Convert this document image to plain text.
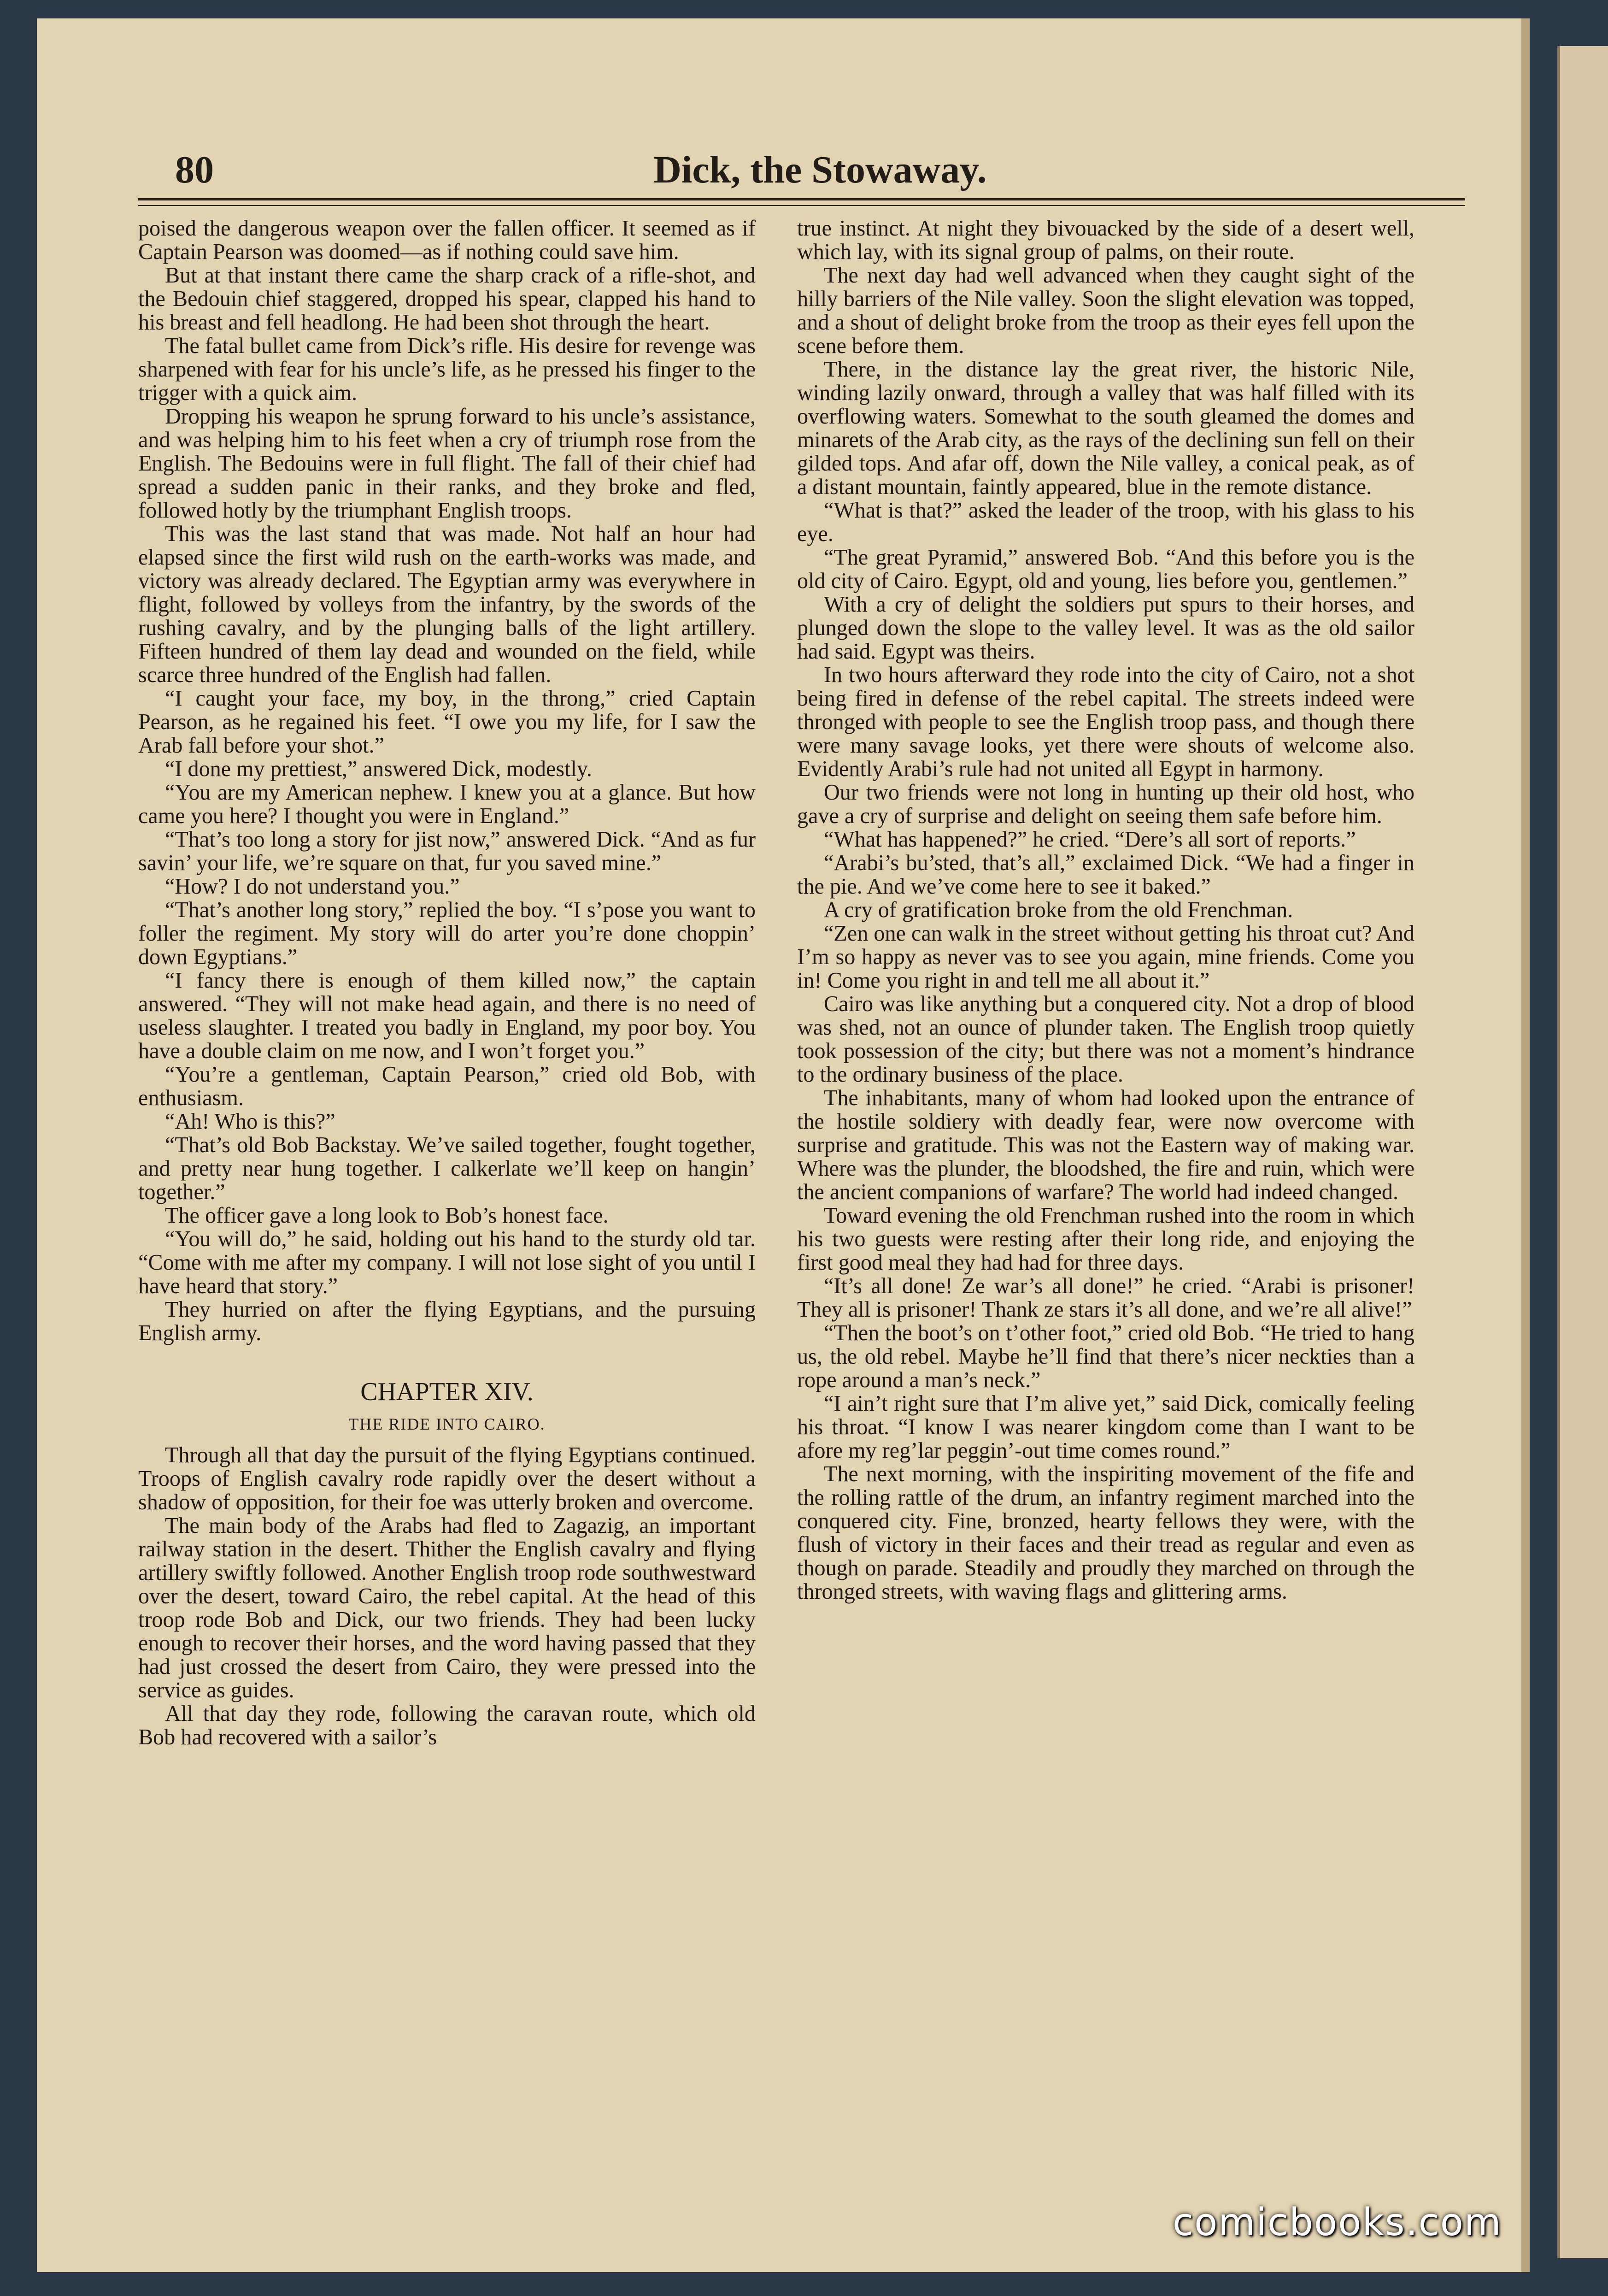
Dick, the Stowaway.
80

poised the dangerous weapon over the fallen officer. It seemed as if Captain Pearson was doomed—as if nothing could save him.

But at that instant there came the sharp crack of a rifle-shot, and the Bedouin chief staggered, dropped his spear, clapped his hand to his breast and fell headlong. He had been shot through the heart.

The fatal bullet came from Dick’s rifle. His desire for revenge was sharpened with fear for his uncle’s life, as he pressed his finger to the trigger with a quick aim.

Dropping his weapon he sprung forward to his uncle’s assistance, and was helping him to his feet when a cry of triumph rose from the English. The Bedouins were in full flight. The fall of their chief had spread a sudden panic in their ranks, and they broke and fled, followed hotly by the triumphant English troops.

This was the last stand that was made. Not half an hour had elapsed since the first wild rush on the earth-works was made, and victory was already declared. The Egyptian army was everywhere in flight, followed by volleys from the infantry, by the swords of the rushing cavalry, and by the plunging balls of the light artillery. Fifteen hundred of them lay dead and wounded on the field, while scarce three hundred of the English had fallen.

“I caught your face, my boy, in the throng,” cried Captain Pearson, as he regained his feet. “I owe you my life, for I saw the Arab fall before your shot.”

“I done my prettiest,” answered Dick, modestly.

“You are my American nephew. I knew you at a glance. But how came you here? I thought you were in England.”

“That’s too long a story for jist now,” answered Dick. “And as fur savin’ your life, we’re square on that, fur you saved mine.”

“How? I do not understand you.”

“That’s another long story,” replied the boy. “I s’pose you want to foller the regiment. My story will do arter you’re done choppin’ down Egyptians.”

“I fancy there is enough of them killed now,” the captain answered. “They will not make head again, and there is no need of useless slaughter. I treated you badly in England, my poor boy. You have a double claim on me now, and I won’t forget you.”

“You’re a gentleman, Captain Pearson,” cried old Bob, with enthusiasm.

“Ah! Who is this?”

“That’s old Bob Backstay. We’ve sailed together, fought together, and pretty near hung together. I calkerlate we’ll keep on hangin’ together.”

The officer gave a long look to Bob’s honest face.

“You will do,” he said, holding out his hand to the sturdy old tar. “Come with me after my company. I will not lose sight of you until I have heard that story.”

They hurried on after the flying Egyptians, and the pursuing English army.

CHAPTER XIV.
THE RIDE INTO CAIRO.

Through all that day the pursuit of the flying Egyptians continued. Troops of English cavalry rode rapidly over the desert without a shadow of opposition, for their foe was utterly broken and overcome.

The main body of the Arabs had fled to Zagazig, an important railway station in the desert. Thither the English cavalry and flying artillery swiftly followed. Another English troop rode southwestward over the desert, toward Cairo, the rebel capital. At the head of this troop rode Bob and Dick, our two friends. They had been lucky enough to recover their horses, and the word having passed that they had just crossed the desert from Cairo, they were pressed into the service as guides.

All that day they rode, following the caravan route, which old Bob had recovered with a sailor’s

true instinct. At night they bivouacked by the side of a desert well, which lay, with its signal group of palms, on their route.

The next day had well advanced when they caught sight of the hilly barriers of the Nile valley. Soon the slight elevation was topped, and a shout of delight broke from the troop as their eyes fell upon the scene before them.

There, in the distance lay the great river, the historic Nile, winding lazily onward, through a valley that was half filled with its overflowing waters. Somewhat to the south gleamed the domes and minarets of the Arab city, as the rays of the declining sun fell on their gilded tops. And afar off, down the Nile valley, a conical peak, as of a distant mountain, faintly appeared, blue in the remote distance.

“What is that?” asked the leader of the troop, with his glass to his eye.

“The great Pyramid,” answered Bob. “And this before you is the old city of Cairo. Egypt, old and young, lies before you, gentlemen.”

With a cry of delight the soldiers put spurs to their horses, and plunged down the slope to the valley level. It was as the old sailor had said. Egypt was theirs.

In two hours afterward they rode into the city of Cairo, not a shot being fired in defense of the rebel capital. The streets indeed were thronged with people to see the English troop pass, and though there were many savage looks, yet there were shouts of welcome also. Evidently Arabi’s rule had not united all Egypt in harmony.

Our two friends were not long in hunting up their old host, who gave a cry of surprise and delight on seeing them safe before him.

“What has happened?” he cried. “Dere’s all sort of reports.”

“Arabi’s bu’sted, that’s all,” exclaimed Dick. “We had a finger in the pie. And we’ve come here to see it baked.”

A cry of gratification broke from the old Frenchman.

“Zen one can walk in the street without getting his throat cut? And I’m so happy as never vas to see you again, mine friends. Come you in! Come you right in and tell me all about it.”

Cairo was like anything but a conquered city. Not a drop of blood was shed, not an ounce of plunder taken. The English troop quietly took possession of the city; but there was not a moment’s hindrance to the ordinary business of the place.

The inhabitants, many of whom had looked upon the entrance of the hostile soldiery with deadly fear, were now overcome with surprise and gratitude. This was not the Eastern way of making war. Where was the plunder, the bloodshed, the fire and ruin, which were the ancient companions of warfare? The world had indeed changed.

Toward evening the old Frenchman rushed into the room in which his two guests were resting after their long ride, and enjoying the first good meal they had had for three days.

“It’s all done! Ze war’s all done!” he cried. “Arabi is prisoner! They all is prisoner! Thank ze stars it’s all done, and we’re all alive!”

“Then the boot’s on t’other foot,” cried old Bob. “He tried to hang us, the old rebel. Maybe he’ll find that there’s nicer neckties than a rope around a man’s neck.”

“I ain’t right sure that I’m alive yet,” said Dick, comically feeling his throat. “I know I was nearer kingdom come than I want to be afore my reg’lar peggin’-out time comes round.”

The next morning, with the inspiriting movement of the fife and the rolling rattle of the drum, an infantry regiment marched into the conquered city. Fine, bronzed, hearty fellows they were, with the flush of victory in their faces and their tread as regular and even as though on parade. Steadily and proudly they marched on through the thronged streets, with waving flags and glittering arms.

comicbooks.com
